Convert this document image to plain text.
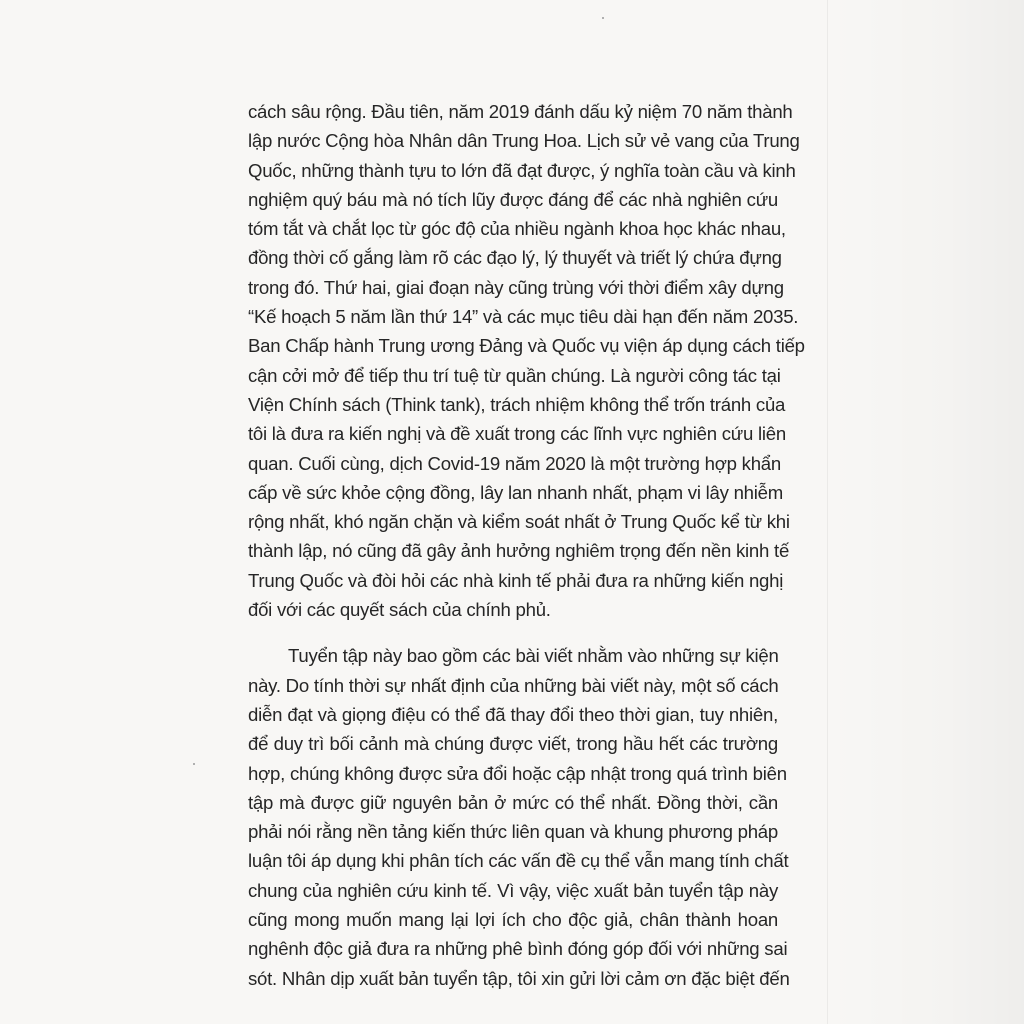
cách sâu rộng. Đầu tiên, năm 2019 đánh dấu kỷ niệm 70 năm thành
lập nước Cộng hòa Nhân dân Trung Hoa. Lịch sử vẻ vang của Trung
Quốc, những thành tựu to lớn đã đạt được, ý nghĩa toàn cầu và kinh
nghiệm quý báu mà nó tích lũy được đáng để các nhà nghiên cứu
tóm tắt và chắt lọc từ góc độ của nhiều ngành khoa học khác nhau,
đồng thời cố gắng làm rõ các đạo lý, lý thuyết và triết lý chứa đựng
trong đó. Thứ hai, giai đoạn này cũng trùng với thời điểm xây dựng
“Kế hoạch 5 năm lần thứ 14” và các mục tiêu dài hạn đến năm 2035.
Ban Chấp hành Trung ương Đảng và Quốc vụ viện áp dụng cách tiếp
cận cởi mở để tiếp thu trí tuệ từ quần chúng. Là người công tác tại
Viện Chính sách (Think tank), trách nhiệm không thể trốn tránh của
tôi là đưa ra kiến nghị và đề xuất trong các lĩnh vực nghiên cứu liên
quan. Cuối cùng, dịch Covid-19 năm 2020 là một trường hợp khẩn
cấp về sức khỏe cộng đồng, lây lan nhanh nhất, phạm vi lây nhiễm
rộng nhất, khó ngăn chặn và kiểm soát nhất ở Trung Quốc kể từ khi
thành lập, nó cũng đã gây ảnh hưởng nghiêm trọng đến nền kinh tế
Trung Quốc và đòi hỏi các nhà kinh tế phải đưa ra những kiến nghị
đối với các quyết sách của chính phủ.
Tuyển tập này bao gồm các bài viết nhằm vào những sự kiện
này. Do tính thời sự nhất định của những bài viết này, một số cách
diễn đạt và giọng điệu có thể đã thay đổi theo thời gian, tuy nhiên,
để duy trì bối cảnh mà chúng được viết, trong hầu hết các trường
hợp, chúng không được sửa đổi hoặc cập nhật trong quá trình biên
tập mà được giữ nguyên bản ở mức có thể nhất. Đồng thời, cần
phải nói rằng nền tảng kiến thức liên quan và khung phương pháp
luận tôi áp dụng khi phân tích các vấn đề cụ thể vẫn mang tính chất
chung của nghiên cứu kinh tế. Vì vậy, việc xuất bản tuyển tập này
cũng mong muốn mang lại lợi ích cho độc giả, chân thành hoan
nghênh độc giả đưa ra những phê bình đóng góp đối với những sai
sót. Nhân dịp xuất bản tuyển tập, tôi xin gửi lời cảm ơn đặc biệt đến
